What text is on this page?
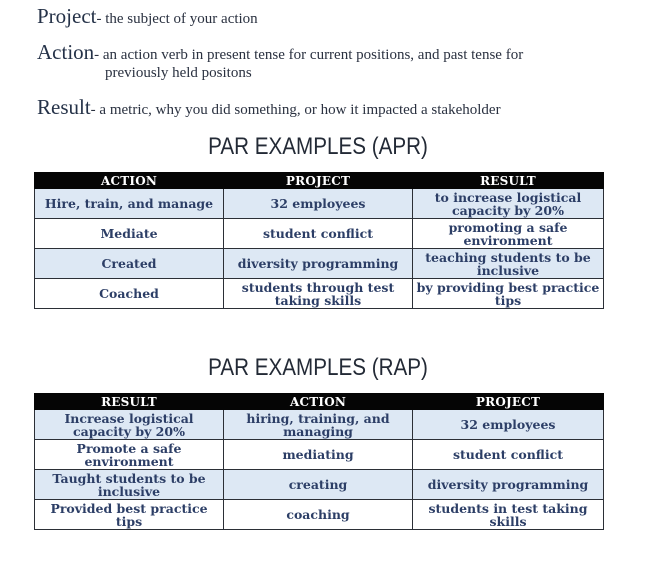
Project- the subject of your action
Action- an action verb in present tense for current positions, and past tense for
previously held positons
Result- a metric, why you did something, or how it impacted a stakeholder
PAR EXAMPLES (APR)
ACTION	PROJECT	RESULT
Hire, train, and manage	32 employees	to increase logistical capacity by 20%
Mediate	student conflict	promoting a safe environment
Created	diversity programming	teaching students to be inclusive
Coached	students through test taking skills	by providing best practice tips
PAR EXAMPLES (RAP)
RESULT	ACTION	PROJECT
Increase logistical capacity by 20%	hiring, training, and managing	32 employees
Promote a safe environment	mediating	student conflict
Taught students to be inclusive	creating	diversity programming
Provided best practice tips	coaching	students in test taking skills
